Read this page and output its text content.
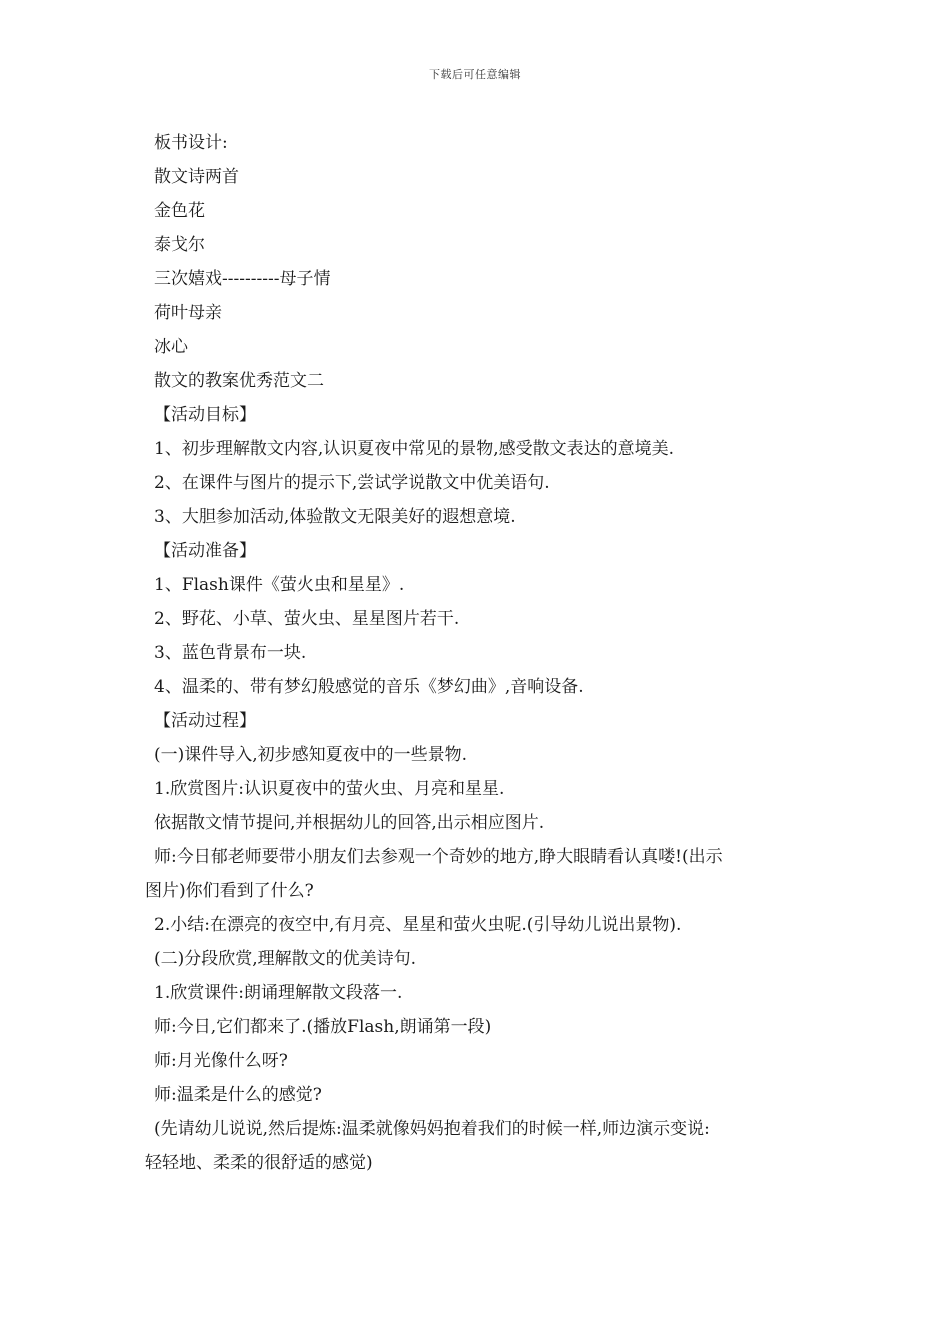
下载后可任意编辑
板书设计:
散文诗两首
金色花
泰戈尔
三次嬉戏----------母子情
荷叶母亲
冰心
散文的教案优秀范文二
【活动目标】
1、初步理解散文内容,认识夏夜中常见的景物,感受散文表达的意境美.
2、在课件与图片的提示下,尝试学说散文中优美语句.
3、大胆参加活动,体验散文无限美好的遐想意境.
【活动准备】
1、Flash课件《萤火虫和星星》.
2、野花、小草、萤火虫、星星图片若干.
3、蓝色背景布一块.
4、温柔的、带有梦幻般感觉的音乐《梦幻曲》,音响设备.
【活动过程】
(一)课件导入,初步感知夏夜中的一些景物.
1.欣赏图片:认识夏夜中的萤火虫、月亮和星星.
依据散文情节提问,并根据幼儿的回答,出示相应图片.
师:今日郁老师要带小朋友们去参观一个奇妙的地方,睁大眼睛看认真喽!(出示
图片)你们看到了什么?
2.小结:在漂亮的夜空中,有月亮、星星和萤火虫呢.(引导幼儿说出景物).
(二)分段欣赏,理解散文的优美诗句.
1.欣赏课件:朗诵理解散文段落一.
师:今日,它们都来了.(播放Flash,朗诵第一段)
师:月光像什么呀?
师:温柔是什么的感觉?
(先请幼儿说说,然后提炼:温柔就像妈妈抱着我们的时候一样,师边演示变说:
轻轻地、柔柔的很舒适的感觉)
